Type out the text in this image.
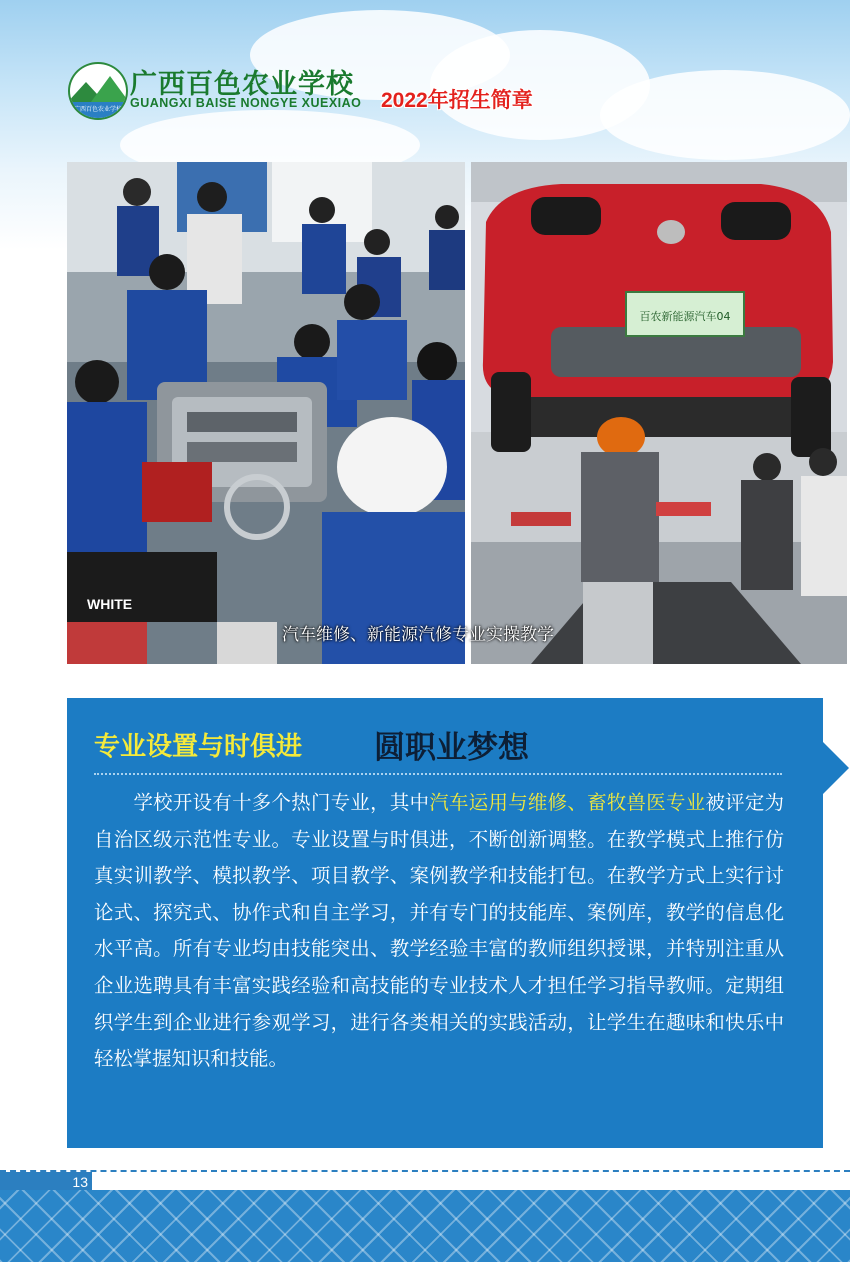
广西百色农业学校
广西百色农业学校
GUANGXI BAISE NONGYE XUEXIAO 2022年招生简章
WHITE
百农新能源汽车04
汽车维修、新能源汽修专业实操教学
专业设置与时俱进 圆职业梦想
　　学校开设有十多个热门专业，其中汽车运用与维修、畜牧兽医专业被评定为自治区级示范性专业。专业设置与时俱进，不断创新调整。在教学模式上推行仿真实训教学、模拟教学、项目教学、案例教学和技能打包。在教学方式上实行讨论式、探究式、协作式和自主学习，并有专门的技能库、案例库，教学的信息化水平高。所有专业均由技能突出、教学经验丰富的教师组织授课，并特别注重从企业选聘具有丰富实践经验和高技能的专业技术人才担任学习指导教师。定期组织学生到企业进行参观学习，进行各类相关的实践活动，让学生在趣味和快乐中轻松掌握知识和技能。
13
